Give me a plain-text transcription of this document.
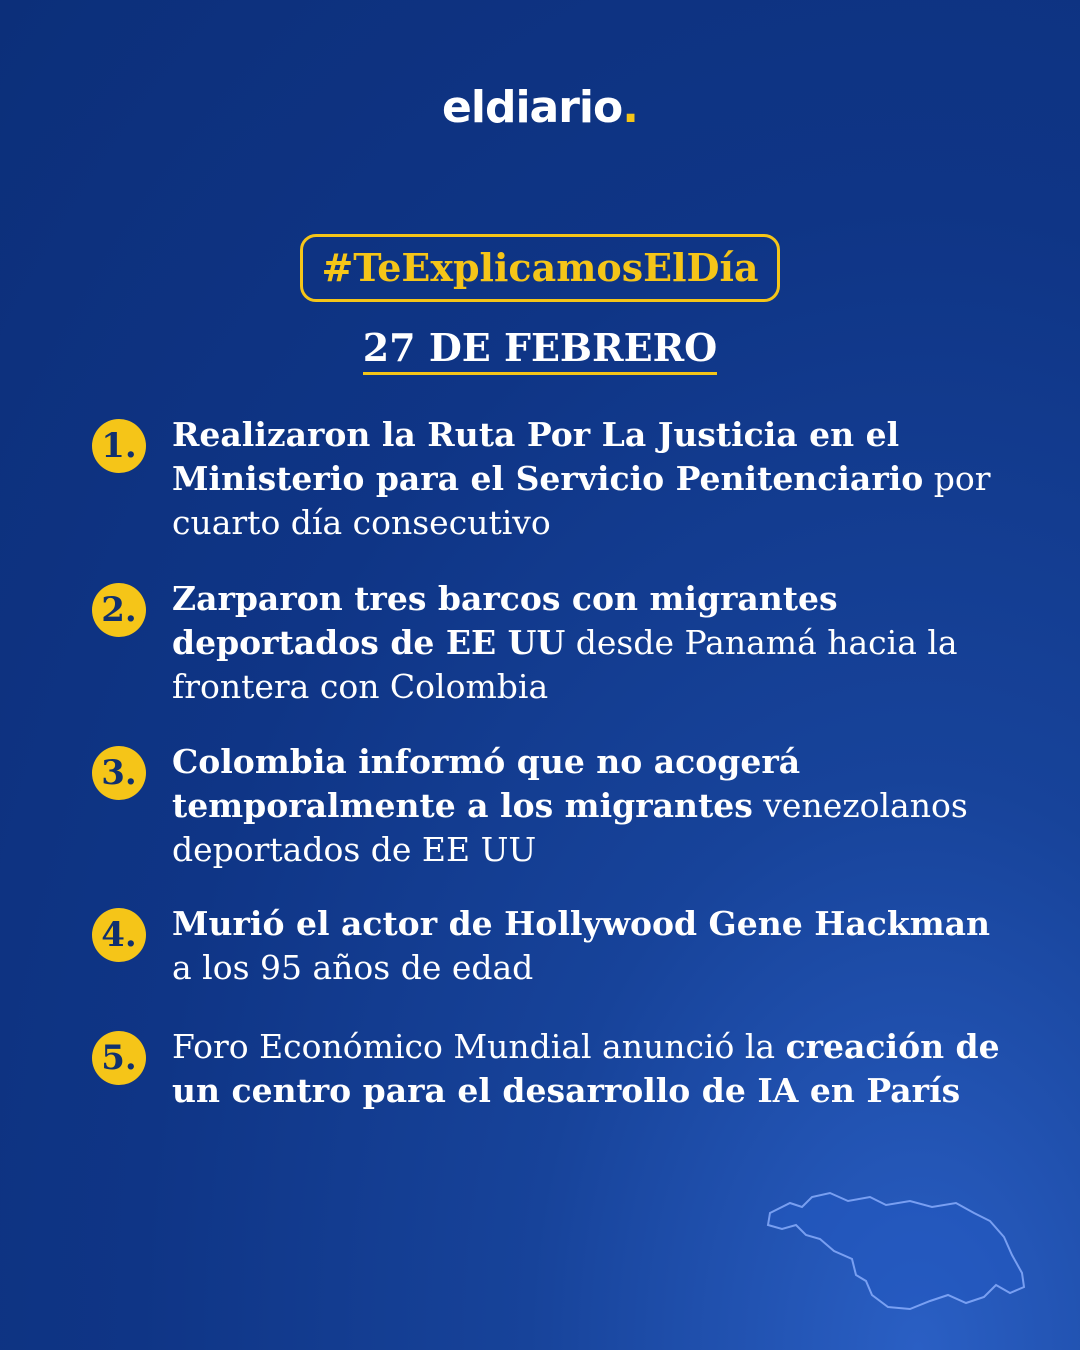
eldiario.
#TeExplicamosElDía
27 DE FEBRERO
1. Realizaron la Ruta Por La Justicia en el Ministerio para el Servicio Penitenciario por cuarto día consecutivo
2. Zarparon tres barcos con migrantes deportados de EE UU desde Panamá hacia la frontera con Colombia
3. Colombia informó que no acogerá temporalmente a los migrantes venezolanos deportados de EE UU
4. Murió el actor de Hollywood Gene Hackman a los 95 años de edad
5. Foro Económico Mundial anunció la creación de un centro para el desarrollo de IA en París
